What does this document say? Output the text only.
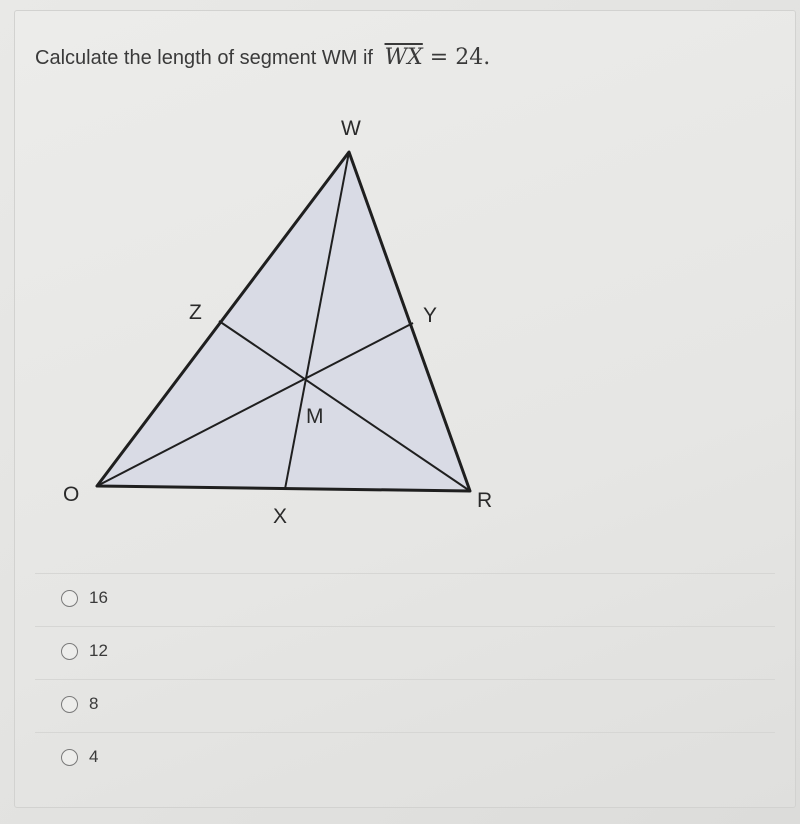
Calculate the length of segment WM if $\overline{WX} = 24$.
W
Z	Y
M
O
X
R
16
12
8
4
